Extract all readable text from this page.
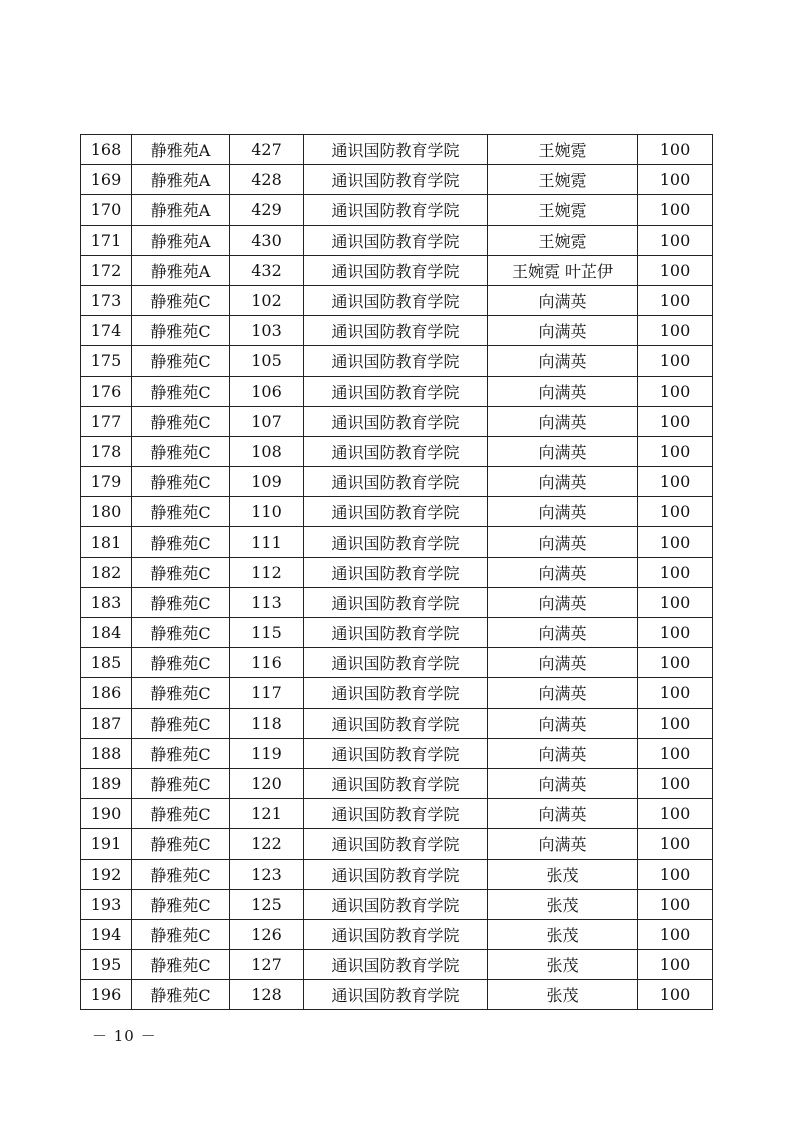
168	静雅苑A	427	通识国防教育学院	王婉霓	100
169	静雅苑A	428	通识国防教育学院	王婉霓	100
170	静雅苑A	429	通识国防教育学院	王婉霓	100
171	静雅苑A	430	通识国防教育学院	王婉霓	100
172	静雅苑A	432	通识国防教育学院	王婉霓 叶芷伊	100
173	静雅苑C	102	通识国防教育学院	向满英	100
174	静雅苑C	103	通识国防教育学院	向满英	100
175	静雅苑C	105	通识国防教育学院	向满英	100
176	静雅苑C	106	通识国防教育学院	向满英	100
177	静雅苑C	107	通识国防教育学院	向满英	100
178	静雅苑C	108	通识国防教育学院	向满英	100
179	静雅苑C	109	通识国防教育学院	向满英	100
180	静雅苑C	110	通识国防教育学院	向满英	100
181	静雅苑C	111	通识国防教育学院	向满英	100
182	静雅苑C	112	通识国防教育学院	向满英	100
183	静雅苑C	113	通识国防教育学院	向满英	100
184	静雅苑C	115	通识国防教育学院	向满英	100
185	静雅苑C	116	通识国防教育学院	向满英	100
186	静雅苑C	117	通识国防教育学院	向满英	100
187	静雅苑C	118	通识国防教育学院	向满英	100
188	静雅苑C	119	通识国防教育学院	向满英	100
189	静雅苑C	120	通识国防教育学院	向满英	100
190	静雅苑C	121	通识国防教育学院	向满英	100
191	静雅苑C	122	通识国防教育学院	向满英	100
192	静雅苑C	123	通识国防教育学院	张茂	100
193	静雅苑C	125	通识国防教育学院	张茂	100
194	静雅苑C	126	通识国防教育学院	张茂	100
195	静雅苑C	127	通识国防教育学院	张茂	100
196	静雅苑C	128	通识国防教育学院	张茂	100
－ 10 －
